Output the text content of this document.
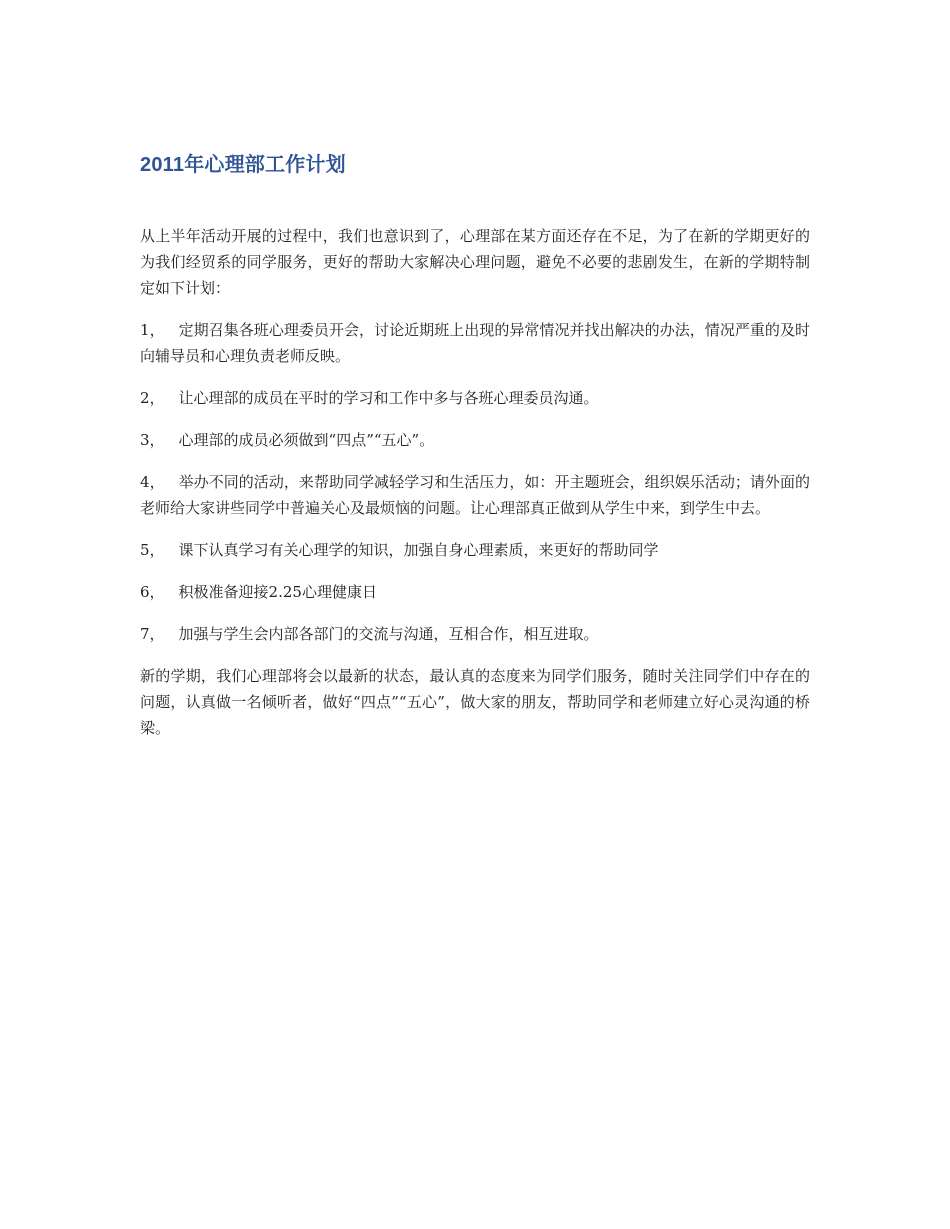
2011年心理部工作计划

从上半年活动开展的过程中，我们也意识到了，心理部在某方面还存在不足，为了在新的学期更好的为我们经贸系的同学服务，更好的帮助大家解决心理问题，避免不必要的悲剧发生，在新的学期特制定如下计划：

1， 定期召集各班心理委员开会，讨论近期班上出现的异常情况并找出解决的办法，情况严重的及时向辅导员和心理负责老师反映。

2， 让心理部的成员在平时的学习和工作中多与各班心理委员沟通。

3， 心理部的成员必须做到“四点”“五心”。

4， 举办不同的活动，来帮助同学减轻学习和生活压力，如：开主题班会，组织娱乐活动；请外面的老师给大家讲些同学中普遍关心及最烦恼的问题。让心理部真正做到从学生中来，到学生中去。

5， 课下认真学习有关心理学的知识，加强自身心理素质，来更好的帮助同学

6， 积极准备迎接2.25心理健康日

7， 加强与学生会内部各部门的交流与沟通，互相合作，相互进取。

新的学期，我们心理部将会以最新的状态，最认真的态度来为同学们服务，随时关注同学们中存在的问题，认真做一名倾听者，做好“四点”“五心”，做大家的朋友，帮助同学和老师建立好心灵沟通的桥梁。
